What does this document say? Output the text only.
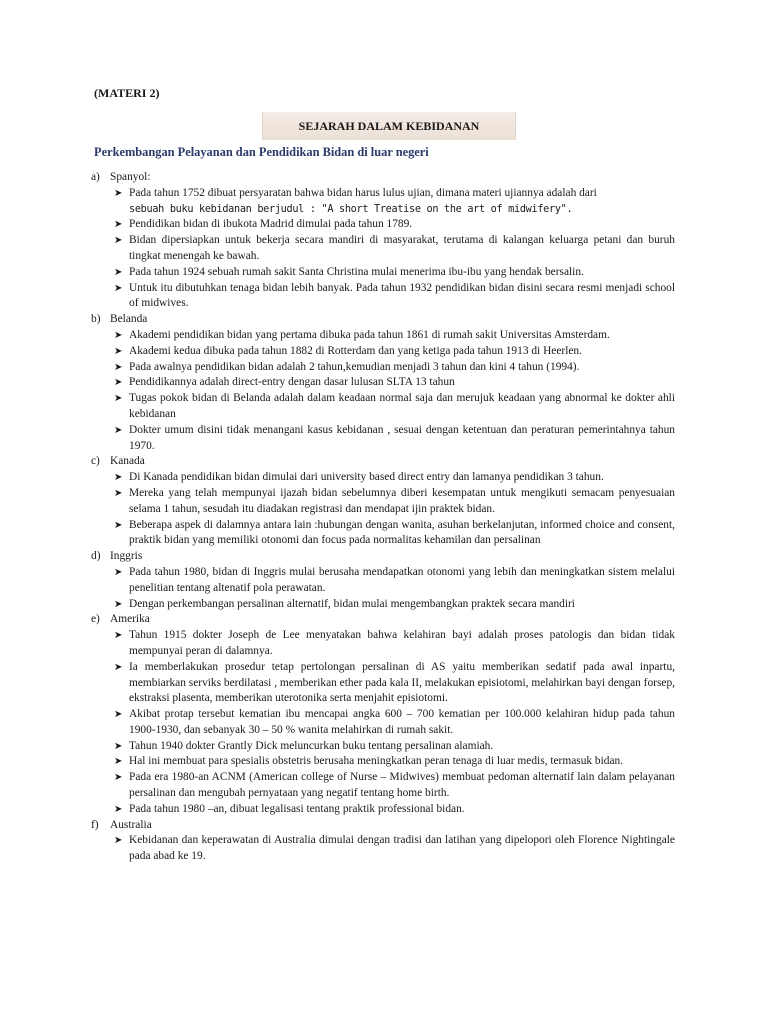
(MATERI 2)
SEJARAH DALAM KEBIDANAN
Perkembangan Pelayanan dan Pendidikan Bidan di luar negeri
a) Spanyol:
➤ Pada tahun 1752 dibuat persyaratan bahwa bidan harus lulus ujian, dimana materi ujiannya adalah dari
sebuah buku kebidanan berjudul : "A short Treatise on the art of midwifery".
➤ Pendidikan bidan di ibukota Madrid dimulai pada tahun 1789.
➤ Bidan dipersiapkan untuk bekerja secara mandiri di masyarakat, terutama di kalangan keluarga petani dan buruh tingkat menengah ke bawah.
➤ Pada tahun 1924 sebuah rumah sakit Santa Christina mulai menerima ibu-ibu yang hendak bersalin.
➤ Untuk itu dibutuhkan tenaga bidan lebih banyak. Pada tahun 1932 pendidikan bidan disini secara resmi menjadi school of midwives.
b) Belanda
➤ Akademi pendidikan bidan yang pertama dibuka pada tahun 1861 di rumah sakit Universitas Amsterdam.
➤ Akademi kedua dibuka pada tahun 1882 di Rotterdam dan yang ketiga pada tahun 1913 di Heerlen.
➤ Pada awalnya pendidikan bidan adalah 2 tahun,kemudian menjadi 3 tahun dan kini 4 tahun (1994).
➤ Pendidikannya adalah direct-entry dengan dasar lulusan SLTA 13 tahun
➤ Tugas pokok bidan di Belanda adalah dalam keadaan normal saja dan merujuk keadaan yang abnormal ke dokter ahli kebidanan
➤ Dokter umum disini tidak menangani kasus kebidanan , sesuai dengan ketentuan dan peraturan pemerintahnya tahun 1970.
c) Kanada
➤ Di Kanada pendidikan bidan dimulai dari university based direct entry dan lamanya pendidikan 3 tahun.
➤ Mereka yang telah mempunyai ijazah bidan sebelumnya diberi kesempatan untuk mengikuti semacam penyesuaian selama 1 tahun, sesudah itu diadakan registrasi dan mendapat ijin praktek bidan.
➤ Beberapa aspek di dalamnya antara lain :hubungan dengan wanita, asuhan berkelanjutan, informed choice and consent, praktik bidan yang memiliki otonomi dan focus pada normalitas kehamilan dan persalinan
d) Inggris
➤ Pada tahun 1980, bidan di Inggris mulai berusaha mendapatkan otonomi yang lebih dan meningkatkan sistem melalui penelitian tentang altenatif pola perawatan.
➤ Dengan perkembangan persalinan alternatif, bidan mulai mengembangkan praktek secara mandiri
e) Amerika
➤ Tahun 1915 dokter Joseph de Lee menyatakan bahwa kelahiran bayi adalah proses patologis dan bidan tidak mempunyai peran di dalamnya.
➤ Ia memberlakukan prosedur tetap pertolongan persalinan di AS yaitu memberikan sedatif pada awal inpartu, membiarkan serviks berdilatasi , memberikan ether pada kala II, melakukan episiotomi, melahirkan bayi dengan forsep, ekstraksi plasenta, memberikan uterotonika serta menjahit episiotomi.
➤ Akibat protap tersebut kematian ibu mencapai angka 600 – 700 kematian per 100.000 kelahiran hidup pada tahun 1900-1930, dan sebanyak 30 – 50 % wanita melahirkan di rumah sakit.
➤ Tahun 1940 dokter Grantly Dick meluncurkan buku tentang persalinan alamiah.
➤ Hal ini membuat para spesialis obstetris berusaha meningkatkan peran tenaga di luar medis, termasuk bidan.
➤ Pada era 1980-an ACNM (American college of Nurse – Midwives) membuat pedoman alternatif lain dalam pelayanan persalinan dan mengubah pernyataan yang negatif tentang home birth.
➤ Pada tahun 1980 –an, dibuat legalisasi tentang praktik professional bidan.
f)	Australia
➤ Kebidanan dan keperawatan di Australia dimulai dengan tradisi dan latihan yang dipelopori oleh Florence Nightingale pada abad ke 19.
